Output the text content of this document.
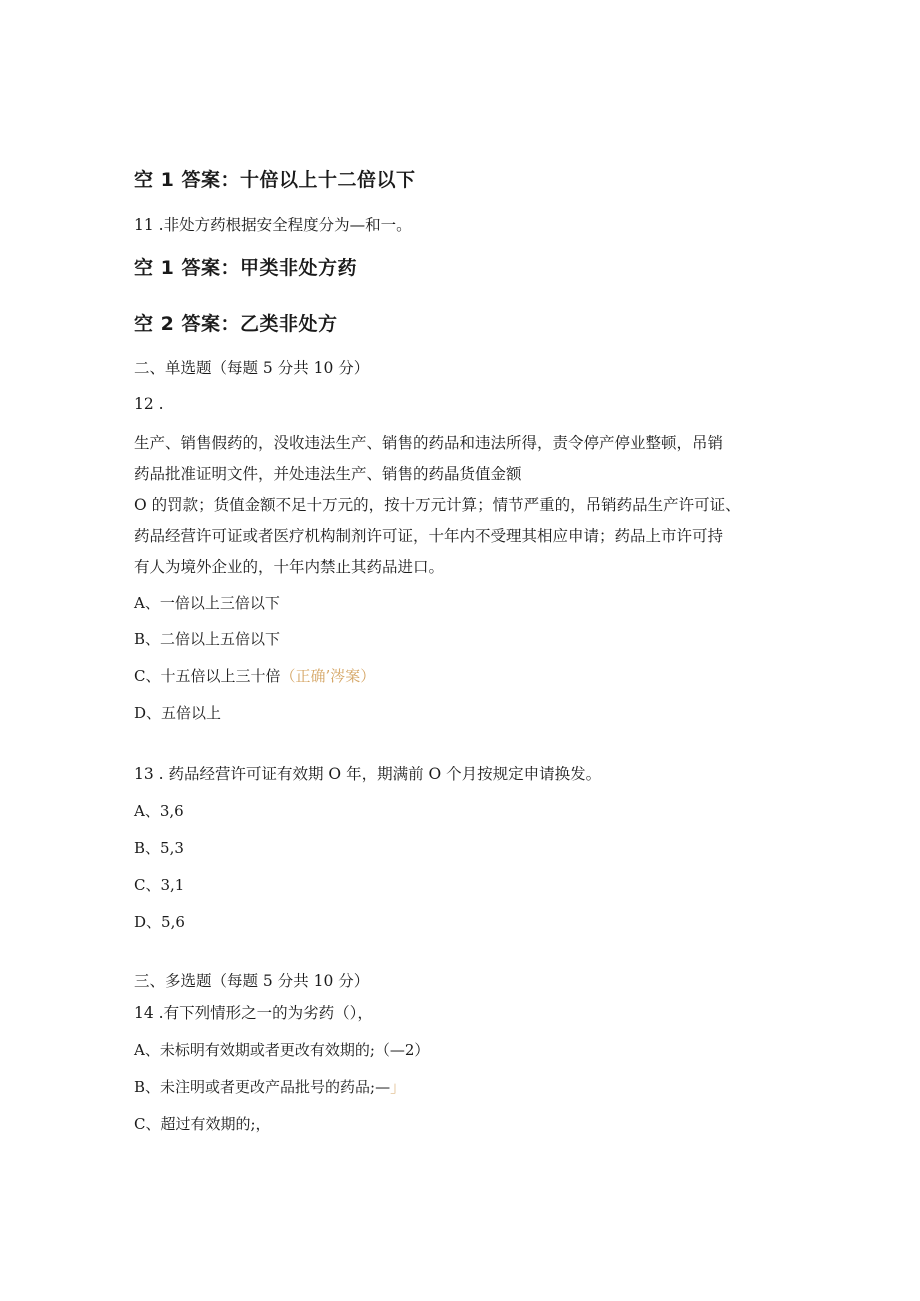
空 1 答案：十倍以上十二倍以下
11 .非处方药根据安全程度分为—和一。
空 1 答案：甲类非处方药
空 2 答案：乙类非处方
二、单选题（每题 5 分共 10 分）
12 .
生产、销售假药的，没收违法生产、销售的药品和违法所得，责令停产停业整顿，吊销
药品批准证明文件，并处违法生产、销售的药晶货值金额
O 的罚款；货值金额不足十万元的，按十万元计算；情节严重的，吊销药品生产许可证、
药品经营许可证或者医疗机构制剂许可证，十年内不受理其相应申请；药品上市许可持
有人为境外企业的，十年内禁止其药品进口。
A、一倍以上三倍以下
B、二倍以上五倍以下
C、十五倍以上三十倍（正确’涔案）
D、五倍以上
13 . 药品经营许可证有效期 O 年，期满前 O 个月按规定申请换发。
A、3,6
B、5,3
C、3,1
D、5,6
三、多选题（每题 5 分共 10 分）
14 .有下列情形之一的为劣药（），
A、未标明有效期或者更改有效期的;（—2）
B、未注明或者更改产品批号的药品;—」
C、超过有效期的;，
